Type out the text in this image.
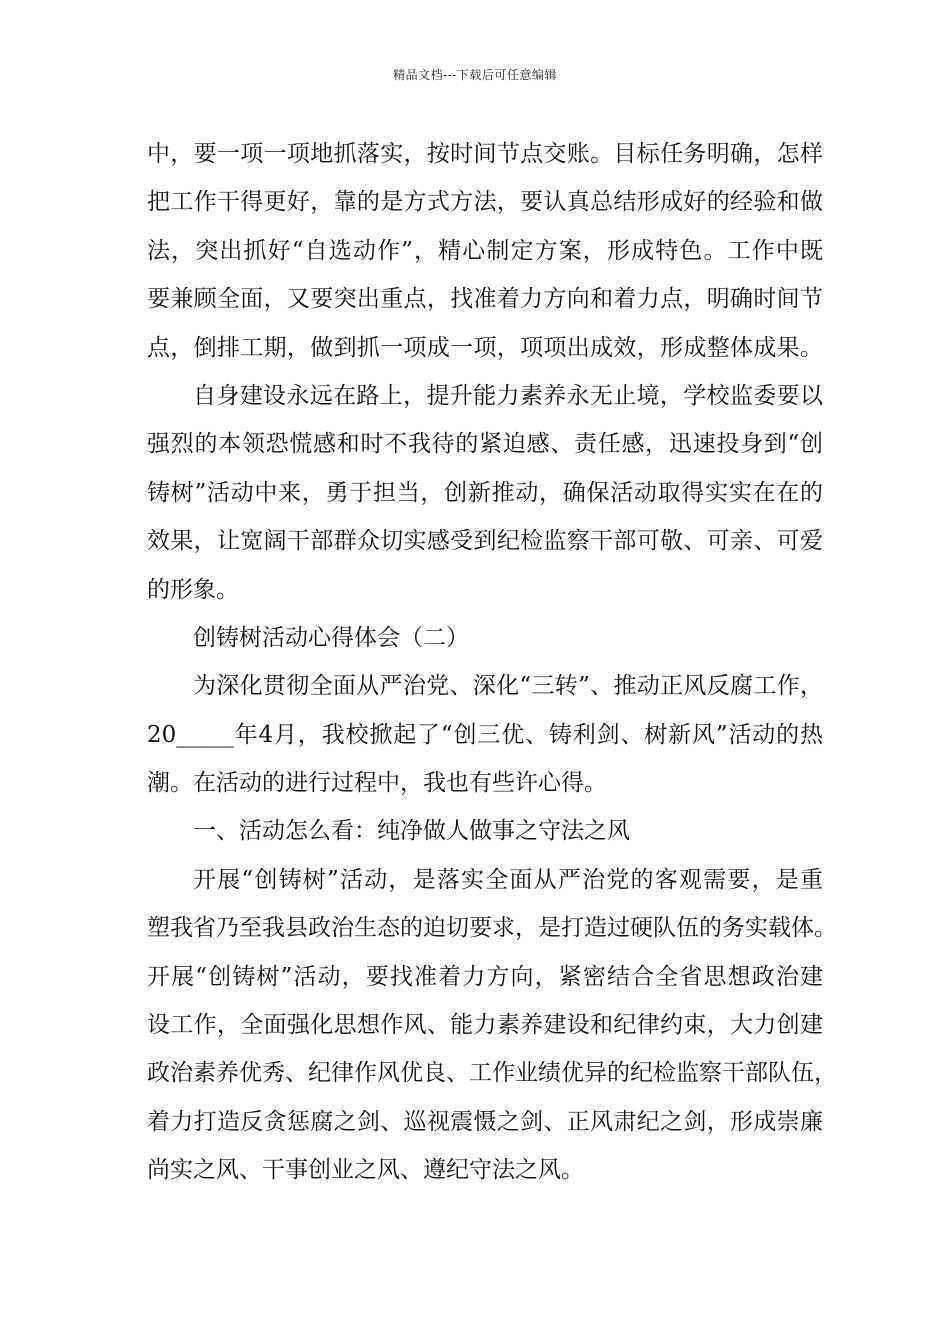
精品文档---下载后可任意编辑
中，要一项一项地抓落实，按时间节点交账。目标任务明确，怎样
把工作干得更好，靠的是方式方法，要认真总结形成好的经验和做
法，突出抓好“自选动作”，精心制定方案，形成特色。工作中既
要兼顾全面，又要突出重点，找准着力方向和着力点，明确时间节
点，倒排工期，做到抓一项成一项，项项出成效，形成整体成果。
自身建设永远在路上，提升能力素养永无止境，学校监委要以
强烈的本领恐慌感和时不我待的紧迫感、责任感，迅速投身到“创
铸树”活动中来，勇于担当，创新推动，确保活动取得实实在在的
效果，让宽阔干部群众切实感受到纪检监察干部可敬、可亲、可爱
的形象。
创铸树活动心得体会（二）
为深化贯彻全面从严治党、深化“三转”、推动正风反腐工作，
20_____年4月，我校掀起了“创三优、铸利剑、树新风”活动的热
潮。在活动的进行过程中，我也有些许心得。
一、活动怎么看：纯净做人做事之守法之风
开展“创铸树”活动，是落实全面从严治党的客观需要，是重
塑我省乃至我县政治生态的迫切要求，是打造过硬队伍的务实载体。
开展“创铸树”活动，要找准着力方向，紧密结合全省思想政治建
设工作，全面强化思想作风、能力素养建设和纪律约束，大力创建
政治素养优秀、纪律作风优良、工作业绩优异的纪检监察干部队伍，
着力打造反贪惩腐之剑、巡视震慑之剑、正风肃纪之剑，形成崇廉
尚实之风、干事创业之风、遵纪守法之风。
